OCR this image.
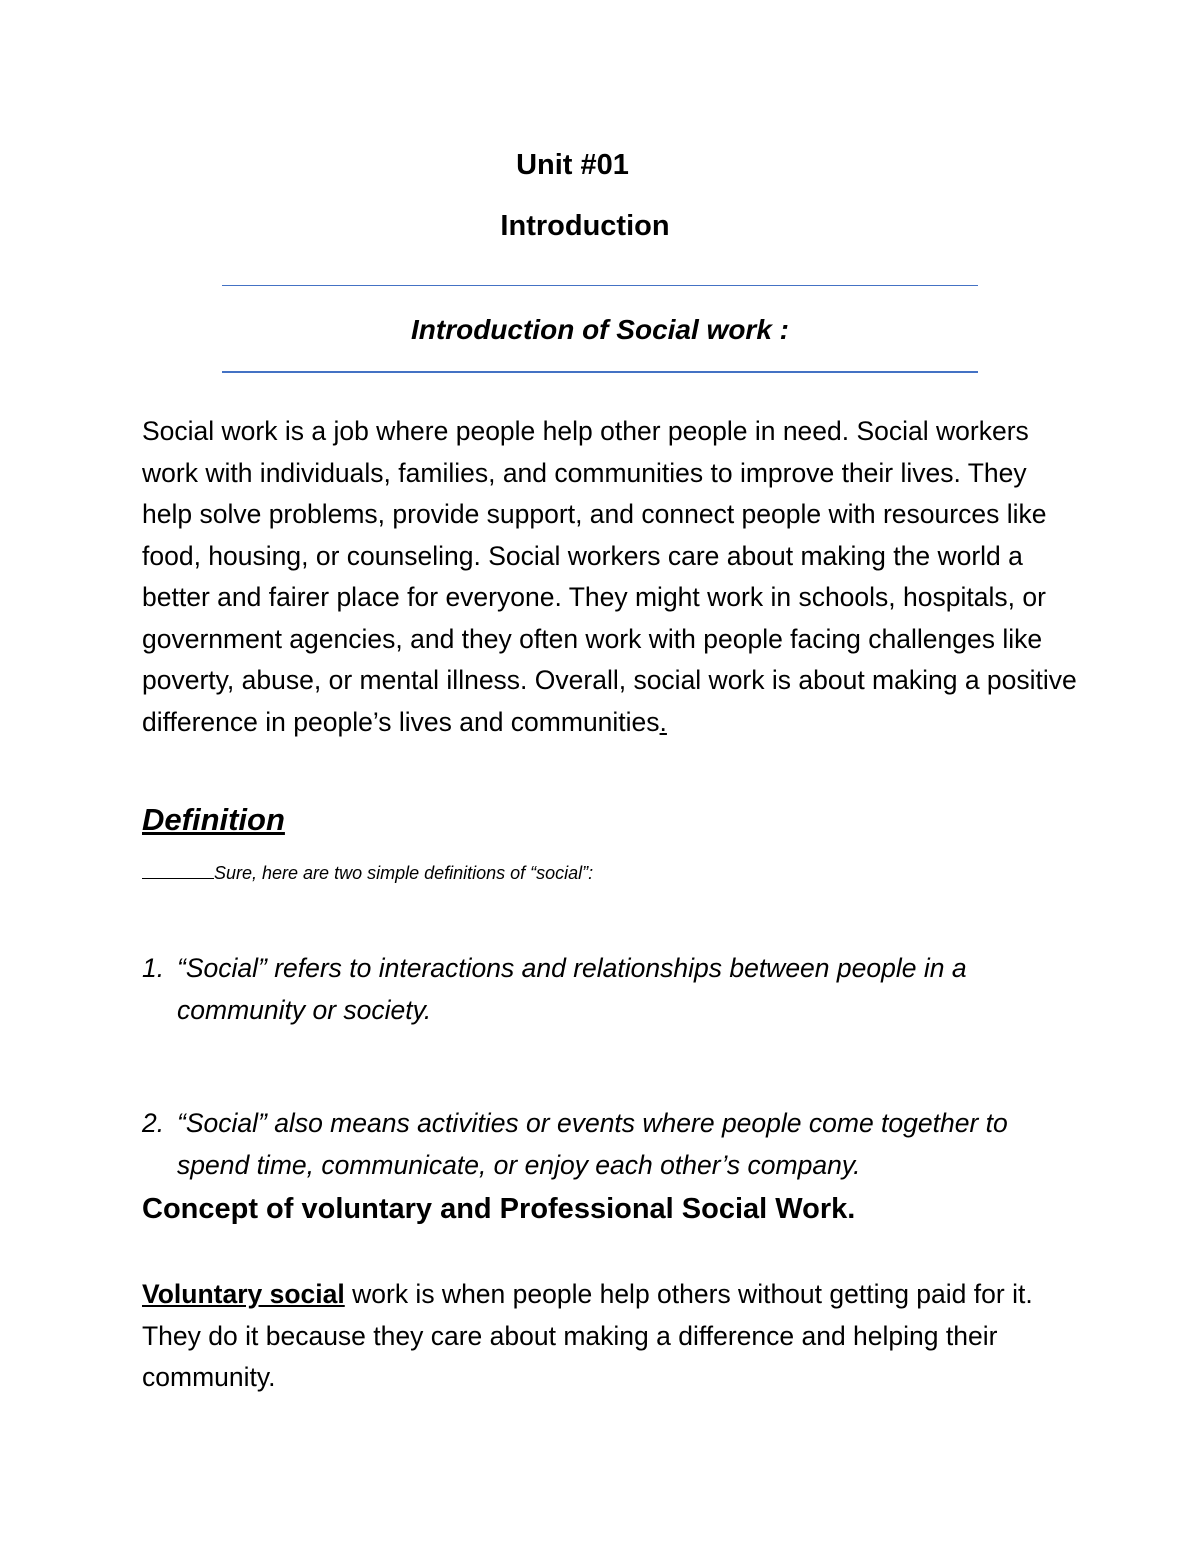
Unit #01
Introduction
Introduction of Social work :

Social work is a job where people help other people in need. Social workers work with individuals, families, and communities to improve their lives. They help solve problems, provide support, and connect people with resources like food, housing, or counseling. Social workers care about making the world a better and fairer place for everyone. They might work in schools, hospitals, or government agencies, and they often work with people facing challenges like poverty, abuse, or mental illness. Overall, social work is about making a positive difference in people’s lives and communities.

Definition
Sure, here are two simple definitions of “social”:
1. “Social” refers to interactions and relationships between people in a community or society.
2. “Social” also means activities or events where people come together to spend time, communicate, or enjoy each other’s company.
Concept of voluntary and Professional Social Work.

Voluntary social work is when people help others without getting paid for it. They do it because they care about making a difference and helping their community.
